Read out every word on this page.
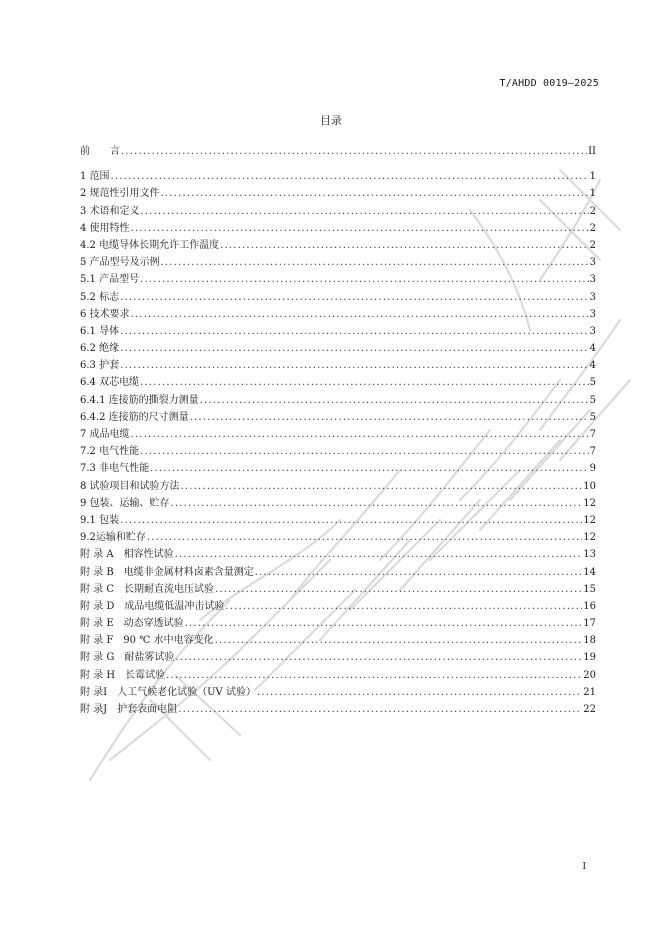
T/AHDD 0019—2025
目录
前　　言 .....	II
1 范围 .....	1
2 规范性引用文件 .....	1
3 术语和定义 .....	2
4 使用特性 .....	2
4.2 电缆导体长期允许工作温度 .....	2
5 产品型号及示例 .....	3
5.1 产品型号 .....	3
5.2 标志 .....	3
6 技术要求 .....	3
6.1 导体 .....	3
6.2 绝缘 .....	4
6.3 护套 .....	4
6.4 双芯电缆 .....	5
6.4.1 连接筋的撕裂力测量 .....	5
6.4.2 连接筋的尺寸测量 .....	5
7 成品电缆 .....	7
7.2 电气性能 .....	7
7.3 非电气性能 .....	9
8 试验项目和试验方法 .....	10
9 包装、运输、贮存 .....	12
9.1 包装 .....	12
9.2运输和贮存 .....	12
附 录 A　相容性试验 .....	13
附 录 B　电缆非金属材料卤素含量测定 .....	14
附 录 C　长期耐直流电压试验 .....	15
附 录 D　成品电缆低温冲击试验 .....	16
附 录 E　动态穿透试验 .....	17
附 录 F　90 ℃ 水中电容变化 .....	18
附 录 G　耐盐雾试验 .....	19
附 录 H　长霉试验 .....	20
附 录I　人工气候老化试验（UV 试验） .....	21
附 录J　护套表面电阻 .....	22
I
